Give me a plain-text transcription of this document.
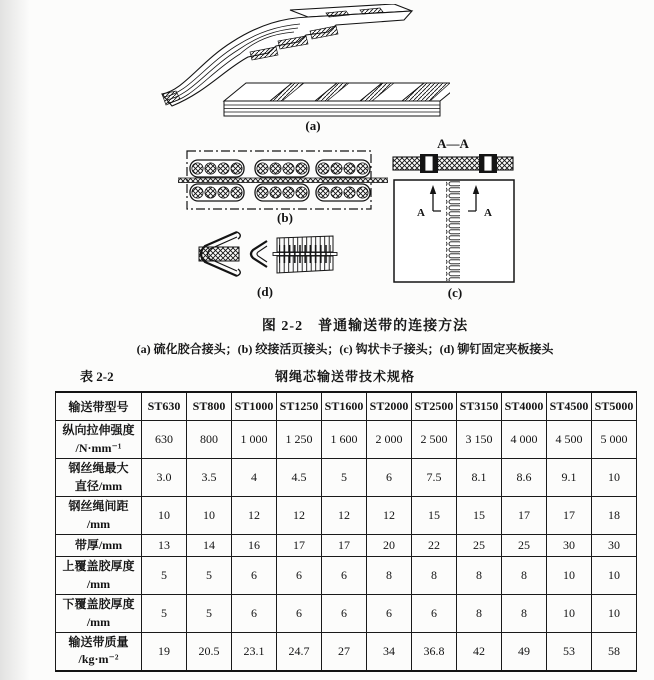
(a)
(b)
(d)
A—A
A	A
(c)
图 2-2　普通输送带的连接方法
(a) 硫化胶合接头；(b) 绞接活页接头；(c) 钩状卡子接头；(d) 铆钉固定夹板接头
表 2-2	钢绳芯输送带技术规格
输送带型号	ST630	ST800	ST1000	ST1250	ST1600	ST2000	ST2500	ST3150	ST4000	ST4500	ST5000

纵向拉伸强度
/N·mm⁻¹	630	800	1 000	1 250	1 600	2 000	2 500	3 150	4 000	4 500	5 000

钢丝绳最大
直径/mm	3.0	3.5	4	4.5	5	6	7.5	8.1	8.6	9.1	10

钢丝绳间距
/mm	10	10	12	12	12	12	15	15	17	17	18

带厚/mm	13	14	16	17	17	20	22	25	25	30	30

上覆盖胶厚度
/mm	5	5	6	6	6	8	8	8	8	10	10

下覆盖胶厚度
/mm	5	5	6	6	6	6	6	8	8	10	10

输送带质量
/kg·m⁻²	19	20.5	23.1	24.7	27	34	36.8	42	49	53	58
